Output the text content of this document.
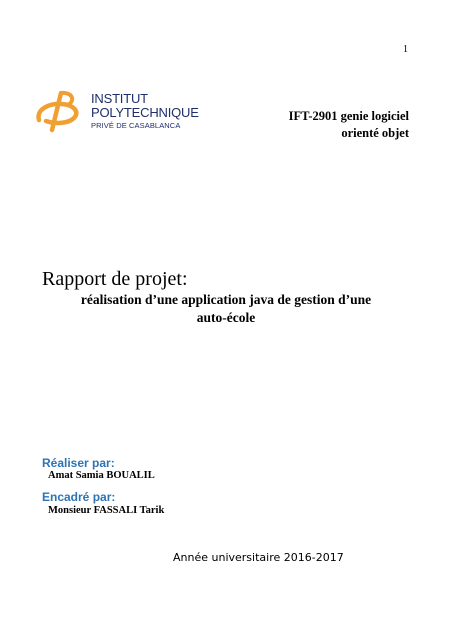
1
INSTITUT
POLYTECHNIQUE
PRIVÉ DE CASABLANCA
IFT-2901 genie logiciel
orienté objet
Rapport de projet:
réalisation d’une application java de gestion d’une
auto-école
Réaliser par:
Amat Samia BOUALIL
Encadré par:
Monsieur FASSALI Tarik
Année universitaire 2016-2017
